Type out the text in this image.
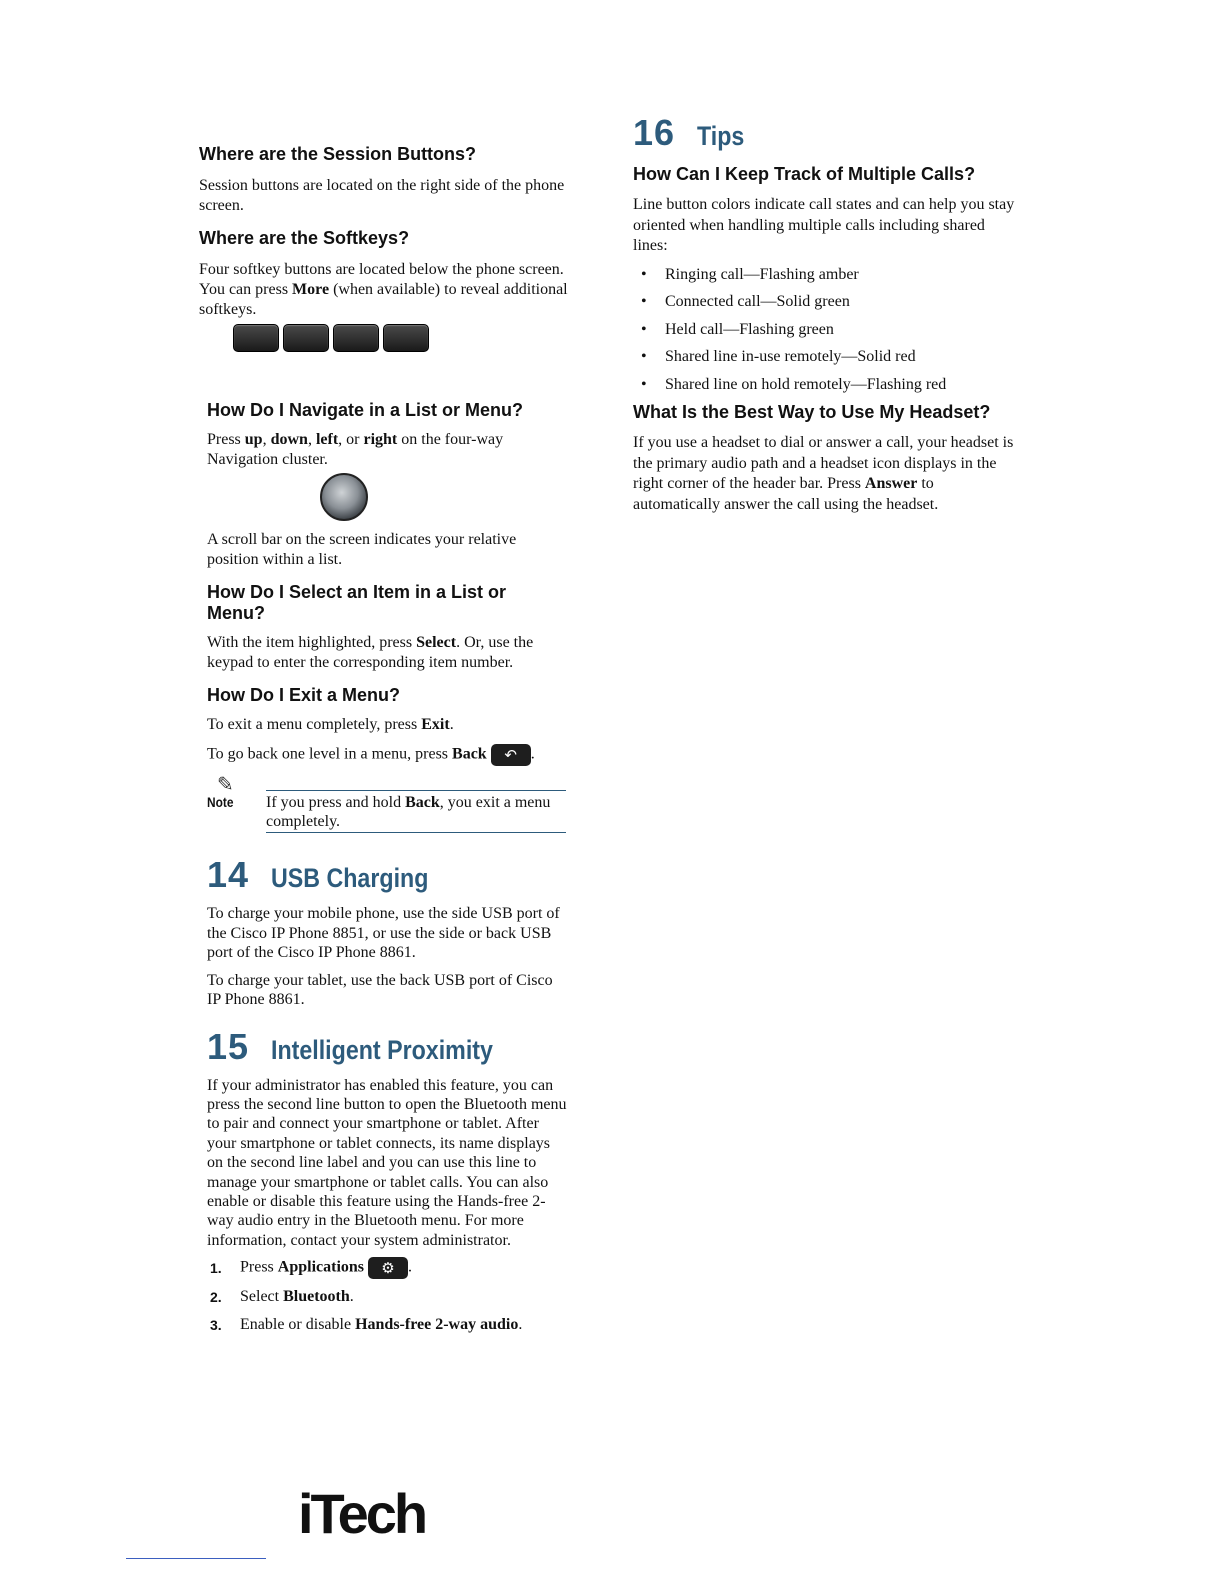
Where are the Session Buttons?

Session buttons are located on the right side of the phone screen.

Where are the Softkeys?

Four softkey buttons are located below the phone screen. You can press More (when available) to reveal additional softkeys.

How Do I Navigate in a List or Menu?

Press up, down, left, or right on the four-way Navigation cluster.

A scroll bar on the screen indicates your relative position within a list.

How Do I Select an Item in a List or Menu?

With the item highlighted, press Select. Or, use the keypad to enter the corresponding item number.

How Do I Exit a Menu?

To exit a menu completely, press Exit.

To go back one level in a menu, press Back ↶ .

✎
Note If you press and hold Back, you exit a menu completely.
14 USB Charging

To charge your mobile phone, use the side USB port of the Cisco IP Phone 8851, or use the side or back USB port of the Cisco IP Phone 8861.

To charge your tablet, use the back USB port of Cisco IP Phone 8861.

15 Intelligent Proximity

If your administrator has enabled this feature, you can press the second line button to open the Bluetooth menu to pair and connect your smartphone or tablet. After your smartphone or tablet connects, its name displays on the second line label and you can use this line to manage your smartphone or tablet calls. You can also enable or disable this feature using the Hands-free 2-way audio entry in the Bluetooth menu. For more information, contact your system administrator.

1.	Press Applications ⚙ .
2.	Select Bluetooth.
3.	Enable or disable Hands-free 2-way audio.
16 Tips
How Can I Keep Track of Multiple Calls?

Line button colors indicate call states and can help you stay oriented when handling multiple calls including shared lines:

• Ringing call—Flashing amber
• Connected call—Solid green
• Held call—Flashing green
• Shared line in-use remotely—Solid red
• Shared line on hold remotely—Flashing red
What Is the Best Way to Use My Headset?

If you use a headset to dial or answer a call, your headset is the primary audio path and a headset icon displays in the right corner of the header bar. Press Answer to automatically answer the call using the headset.

iTech
